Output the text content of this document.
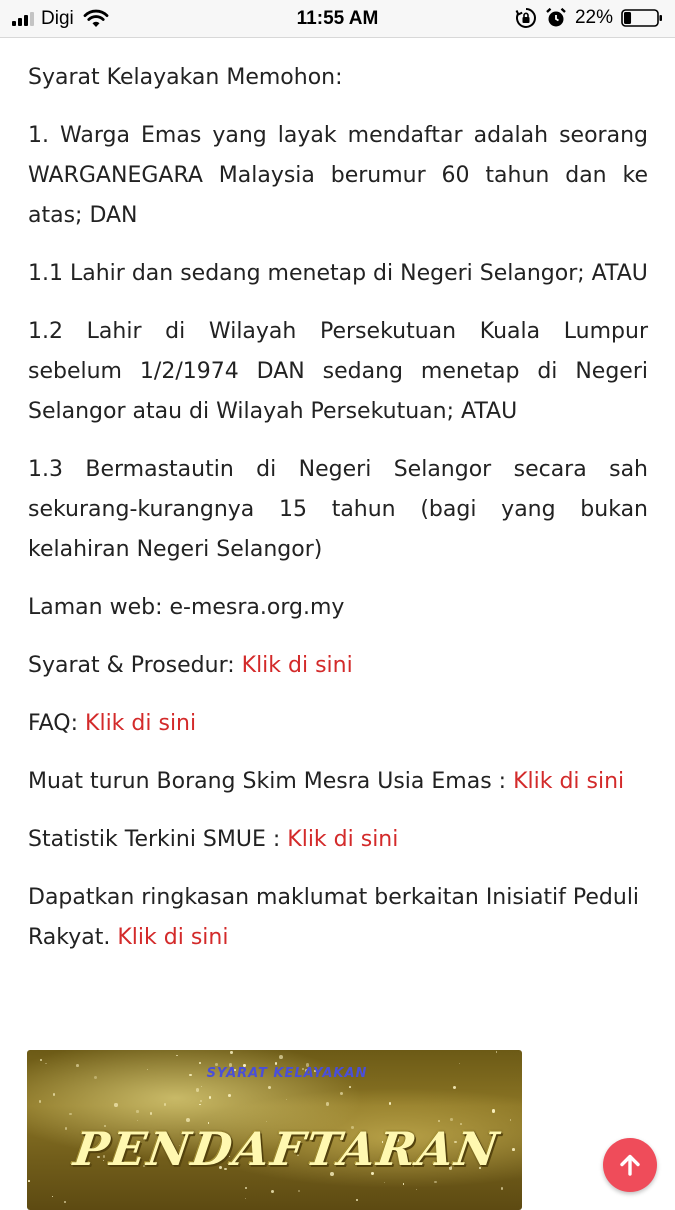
Digi	11:55 AM	22%

Syarat Kelayakan Memohon:

1. Warga Emas yang layak mendaftar adalah seorang WARGANEGARA Malaysia berumur 60 tahun dan ke atas; DAN

1.1 Lahir dan sedang menetap di Negeri Selangor; ATAU

1.2 Lahir di Wilayah Persekutuan Kuala Lumpur sebelum 1/2/1974 DAN sedang menetap di Negeri Selangor atau di Wilayah Persekutuan; ATAU

1.3 Bermastautin di Negeri Selangor secara sah sekurang-kurangnya 15 tahun (bagi yang bukan kelahiran Negeri Selangor)

Laman web: e-mesra.org.my

Syarat & Prosedur: Klik di sini

FAQ: Klik di sini

Muat turun Borang Skim Mesra Usia Emas : Klik di sini

Statistik Terkini SMUE : Klik di sini

Dapatkan ringkasan maklumat berkaitan Inisiatif Peduli Rakyat. Klik di sini

SYARAT KELAYAKAN
PENDAFTARAN
